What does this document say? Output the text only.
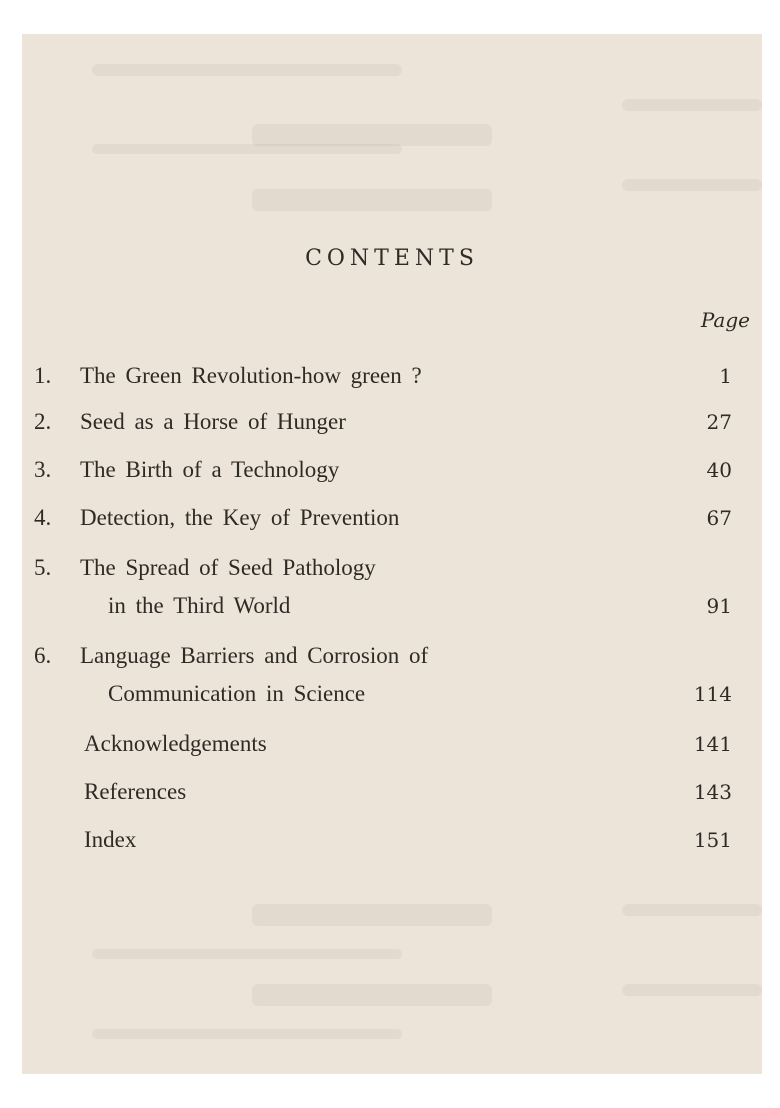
CONTENTS
Page
1. The Green Revolution-how green ?	1
2. Seed as a Horse of Hunger	27
3. The Birth of a Technology	40
4. Detection, the Key of Prevention	67
5. The Spread of Seed Pathology
in the Third World	91
6. Language Barriers and Corrosion of
Communication in Science	114
Acknowledgements	141
References	143
Index	151
